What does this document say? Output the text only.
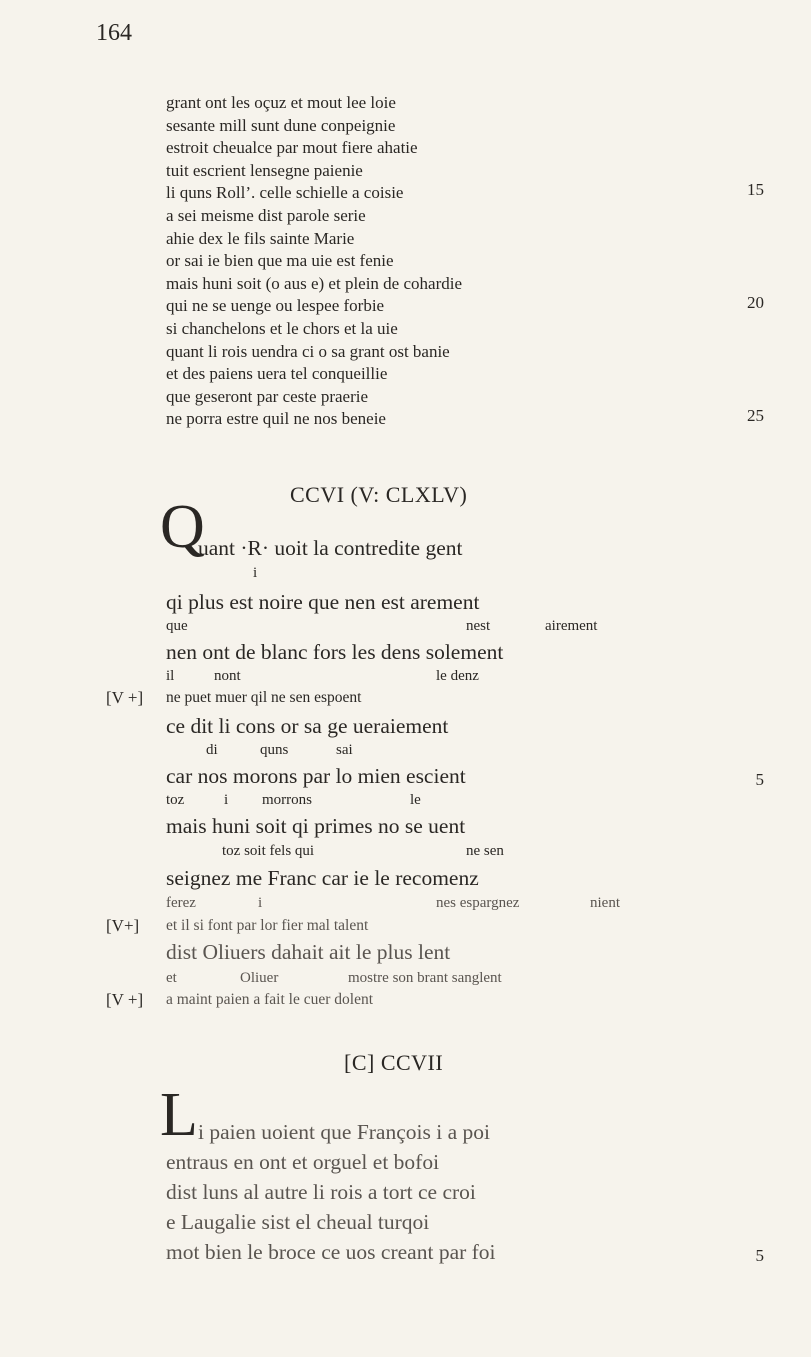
164
grant ont les oçuz et mout lee loie
sesante mill sunt dune conpeignie
estroit cheualce par mout fiere ahatie
tuit escrient lensegne paienie
li quns Roll’. celle schielle a coisie
a sei meisme dist parole serie
ahie dex le fils sainte Marie
or sai ie bien que ma uie est fenie
mais huni soit (o aus e) et plein de cohardie
qui ne se uenge ou lespee forbie
si chanchelons et le chors et la uie
quant li rois uendra ci o sa grant ost banie
et des paiens uera tel conqueillie
que geseront par ceste praerie
ne porra estre quil ne nos beneie
15
20
25
CCVI (V: CLXLV)
Q
uant ·R· uoit la contredite gent
i
qi plus est noire que nen est arement
que	nest	airement
nen ont de blanc fors les dens solement
il	nont	le denz
[V +] ne puet muer qil ne sen espoent
ce dit li cons or sa ge ueraiement
di	quns	sai
car nos morons par lo mien escient	5
toz	i morrons	le
mais huni soit qi primes no se uent
toz soit fels qui	ne sen
seignez me Franc car ie le recomenz
ferez	i	nes espargnez	nient
[V+] et il si font par lor fier mal talent
dist Oliuers dahait ait le plus lent
et	Oliuer	mostre son brant sanglent
[V +] a maint paien a fait le cuer dolent
[C] CCVII
L i paien uoient que François i a poi
entraus en ont et orguel et bofoi
dist luns al autre li rois a tort ce croi
e Laugalie sist el cheual turqoi
mot bien le broce ce uos creant par foi	5
